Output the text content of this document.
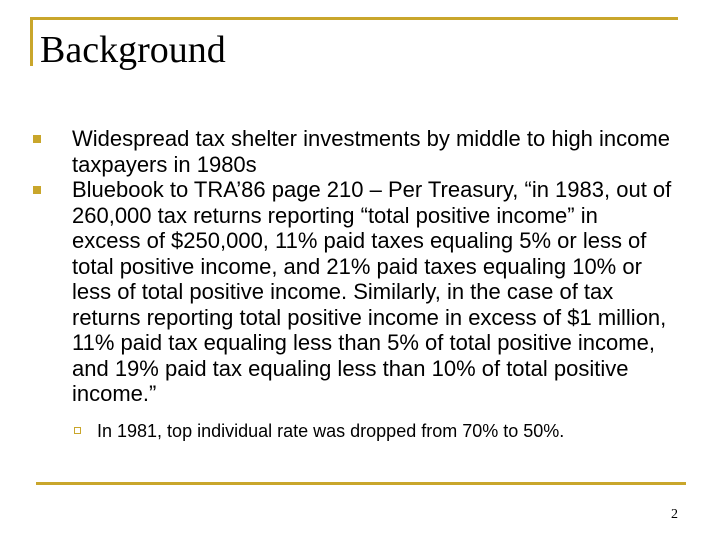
Background
Widespread tax shelter investments by middle to high income taxpayers in 1980s
Bluebook to TRA’86 page 210 – Per Treasury, “in 1983, out of 260,000 tax returns reporting “total positive income” in excess of $250,000, 11% paid taxes equaling 5% or less of total positive income, and 21% paid taxes equaling 10% or less of total positive income. Similarly, in the case of tax returns reporting total positive income in excess of $1 million, 11% paid tax equaling less than 5% of total positive income, and 19% paid tax equaling less than 10% of total positive income.”
In 1981, top individual rate was dropped from 70% to 50%.
2
